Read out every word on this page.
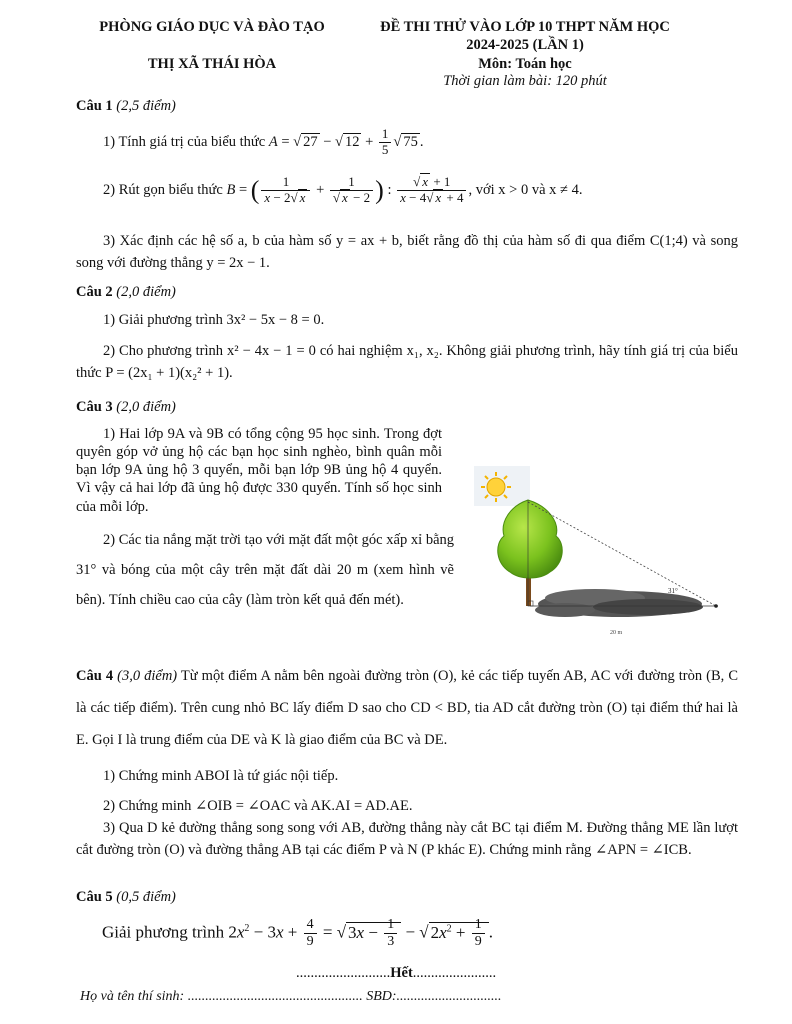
PHÒNG GIÁO DỤC VÀ ĐÀO TẠO
THỊ XÃ THÁI HÒA
ĐỀ THI THỬ VÀO LỚP 10 THPT NĂM HỌC
2024-2025 (LẦN 1)
Môn: Toán học
Thời gian làm bài: 120 phút
Câu 1 (2,5 điểm)
1) Tính giá trị của biểu thức A = √ 27 − √ $12 + \frac{1}{5}$ √ 75 .
2) Rút gọn biểu thức B = ( $\frac{1}{x - 2√ x} + \frac{1}{√ x - 2}$ ) : $\frac{√ x + 1}{x - 4√ x + 4}$ , với x > 0 và x ≠ 4.
3) Xác định các hệ số a, b của hàm số y = ax + b, biết rằng đồ thị của hàm số đi qua điểm C(1;4) và song song với đường thẳng y = 2x − 1.
Câu 2 (2,0 điểm)
1) Giải phương trình 3x² − 5x − 8 = 0.
2) Cho phương trình x² − 4x − 1 = 0 có hai nghiệm x₁, x₂. Không giải phương trình, hãy tính giá trị của biểu thức P = (2x₁ + 1)(x₂² + 1).
Câu 3 (2,0 điểm)
1) Hai lớp 9A và 9B có tổng cộng 95 học sinh. Trong đợt quyên góp vở ủng hộ các bạn học sinh nghèo, bình quân mỗi bạn lớp 9A ủng hộ 3 quyển, mỗi bạn lớp 9B ủng hộ 4 quyển. Vì vậy cả hai lớp đã ủng hộ được 330 quyển. Tính số học sinh của mỗi lớp.
2) Các tia nắng mặt trời tạo với mặt đất một góc xấp xỉ bằng 31° và bóng của một cây trên mặt đất dài 20 m (xem hình vẽ bên). Tính chiều cao của cây (làm tròn kết quả đến mét).
31°
20 m
Câu 4 (3,0 điểm) Từ một điểm A nằm bên ngoài đường tròn (O), kẻ các tiếp tuyến AB, AC với đường tròn (B, C là các tiếp điểm). Trên cung nhỏ BC lấy điểm D sao cho CD < BD, tia AD cắt đường tròn (O) tại điểm thứ hai là E. Gọi I là trung điểm của DE và K là giao điểm của BC và DE.
1) Chứng minh ABOI là tứ giác nội tiếp.
2) Chứng minh ∠OIB = ∠OAC và AK.AI = AD.AE.
3) Qua D kẻ đường thẳng song song với AB, đường thẳng này cắt BC tại điểm M. Đường thẳng ME lần lượt cắt đường tròn (O) và đường thẳng AB tại các điểm P và N (P khác E). Chứng minh rằng ∠APN = ∠ICB.
Câu 5 (0,5 điểm)
Giải phương trình $2x^2 - 3x + \frac{4}{9}$ = √ $3x - \frac{1}{3}$ − √ $2x^2 + \frac{1}{9}$ .
..........................Hết.......................
Họ và tên thí sinh: .................................................. SBD:..............................
